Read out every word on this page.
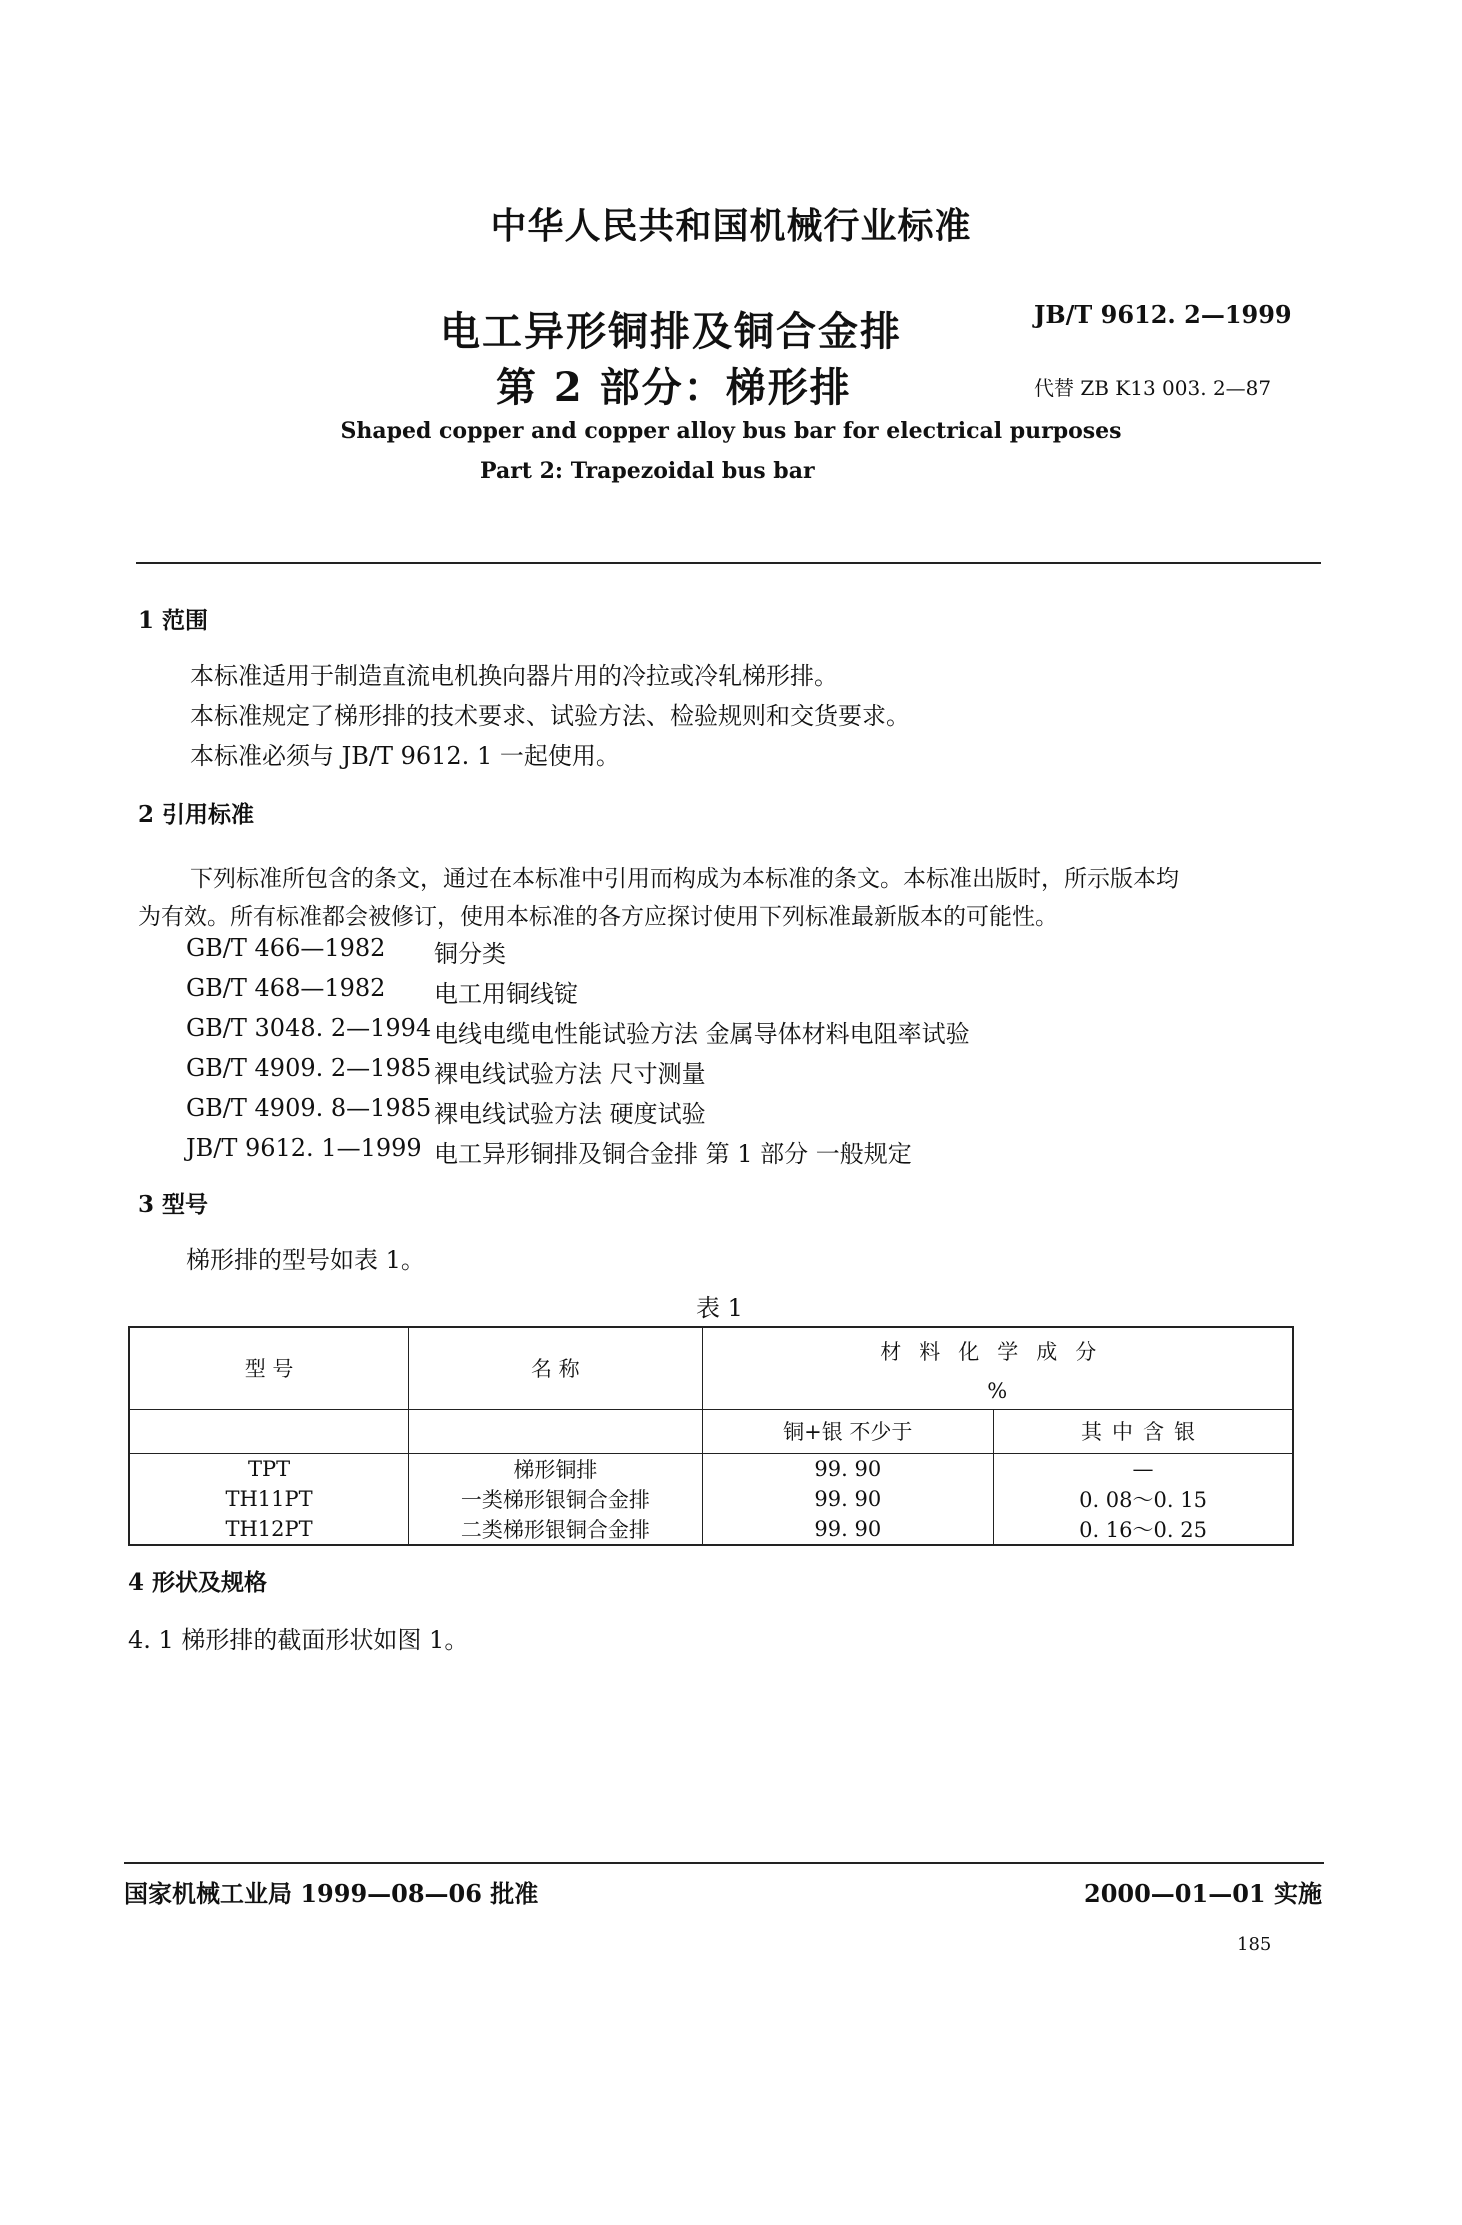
中华人民共和国机械行业标准
电工异形铜排及铜合金排
第 2 部分：梯形排
JB/T 9612. 2—1999
代替 ZB K13 003. 2—87
Shaped copper and copper alloy bus bar for electrical purposes
Part 2: Trapezoidal bus bar
1 范围
本标准适用于制造直流电机换向器片用的冷拉或冷轧梯形排。
本标准规定了梯形排的技术要求、试验方法、检验规则和交货要求。
本标准必须与 JB/T 9612. 1 一起使用。
2 引用标准
下列标准所包含的条文，通过在本标准中引用而构成为本标准的条文。本标准出版时，所示版本均
为有效。所有标准都会被修订，使用本标准的各方应探讨使用下列标准最新版本的可能性。
GB/T 466—1982 铜分类
GB/T 468—1982 电工用铜线锭
GB/T 3048. 2—1994 电线电缆电性能试验方法 金属导体材料电阻率试验
GB/T 4909. 2—1985 裸电线试验方法 尺寸测量
GB/T 4909. 8—1985 裸电线试验方法 硬度试验
JB/T 9612. 1—1999 电工异形铜排及铜合金排 第 1 部分 一般规定
3 型号
梯形排的型号如表 1。
表 1
型 号	名 称	材料化学成分	
		%	
		铜+银 不少于	其中含银
TPT	梯形铜排	99. 90	—
TH11PT	一类梯形银铜合金排	99. 90	0. 08～0. 15
TH12PT	二类梯形银铜合金排	99. 90	0. 16～0. 25
4 形状及规格
4. 1 梯形排的截面形状如图 1。
国家机械工业局 1999—08—06 批准	2000—01—01 实施
185
